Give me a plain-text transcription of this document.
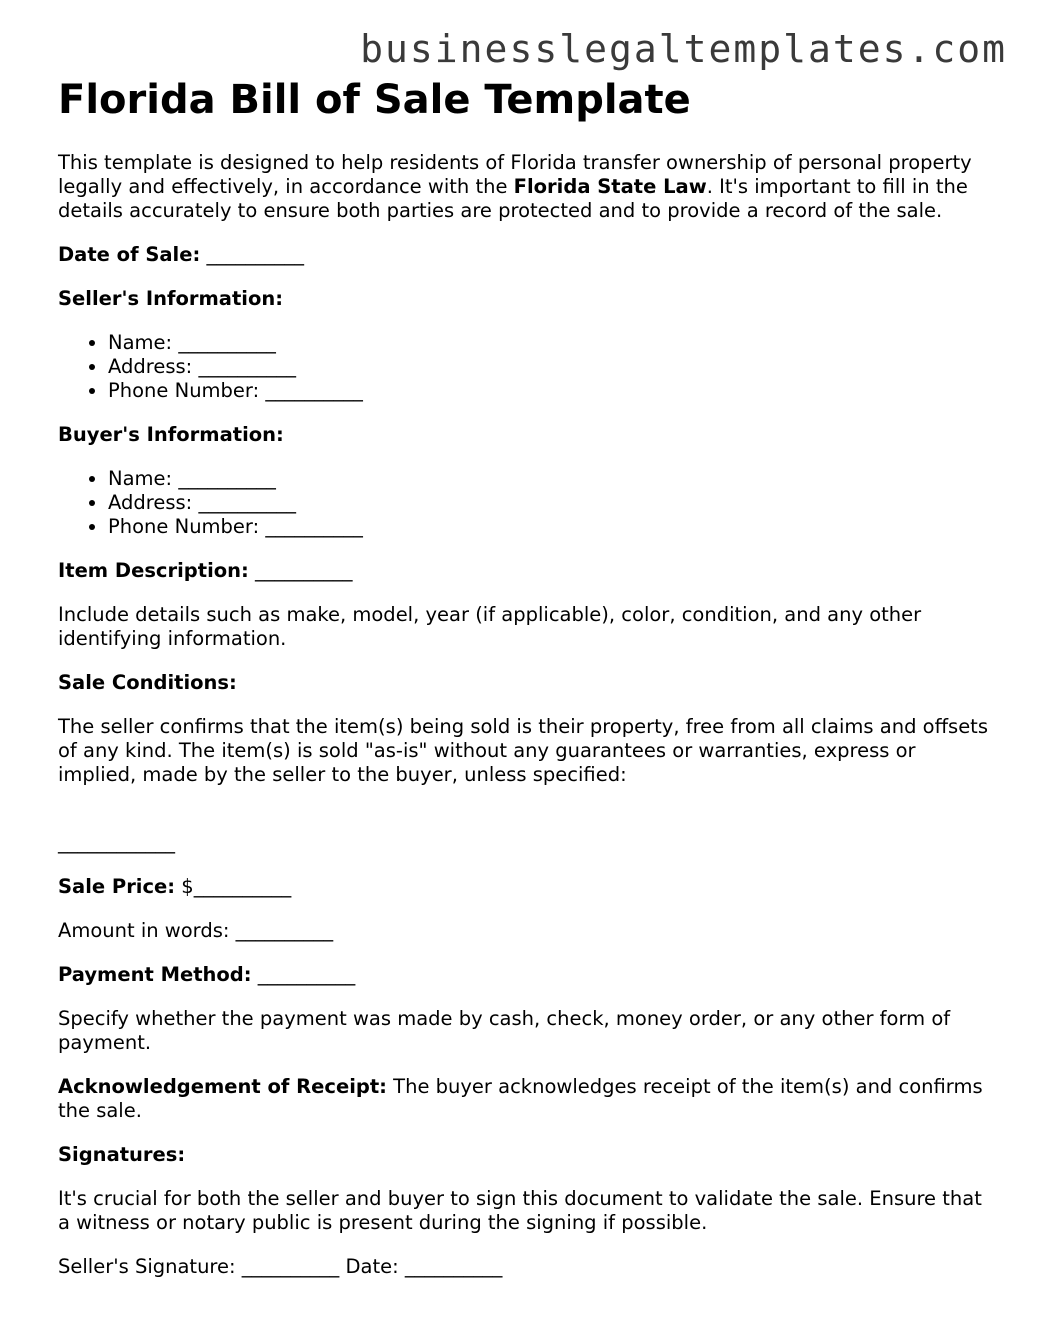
businesslegaltemplates.com
Florida Bill of Sale Template

This template is designed to help residents of Florida transfer ownership of personal property legally and effectively, in accordance with the Florida State Law. It's important to fill in the details accurately to ensure both parties are protected and to provide a record of the sale.

Date of Sale: __________

Seller's Information:

• Name: __________
• Address: __________
• Phone Number: __________

Buyer's Information:

• Name: __________
• Address: __________
• Phone Number: __________

Item Description: __________

Include details such as make, model, year (if applicable), color, condition, and any other identifying information.

Sale Conditions:

The seller confirms that the item(s) being sold is their property, free from all claims and offsets of any kind. The item(s) is sold "as-is" without any guarantees or warranties, express or implied, made by the seller to the buyer, unless specified:

____________

Sale Price: $__________

Amount in words: __________

Payment Method: __________

Specify whether the payment was made by cash, check, money order, or any other form of payment.

Acknowledgement of Receipt: The buyer acknowledges receipt of the item(s) and confirms the sale.

Signatures:

It's crucial for both the seller and buyer to sign this document to validate the sale. Ensure that a witness or notary public is present during the signing if possible.

Seller's Signature: __________ Date: __________
